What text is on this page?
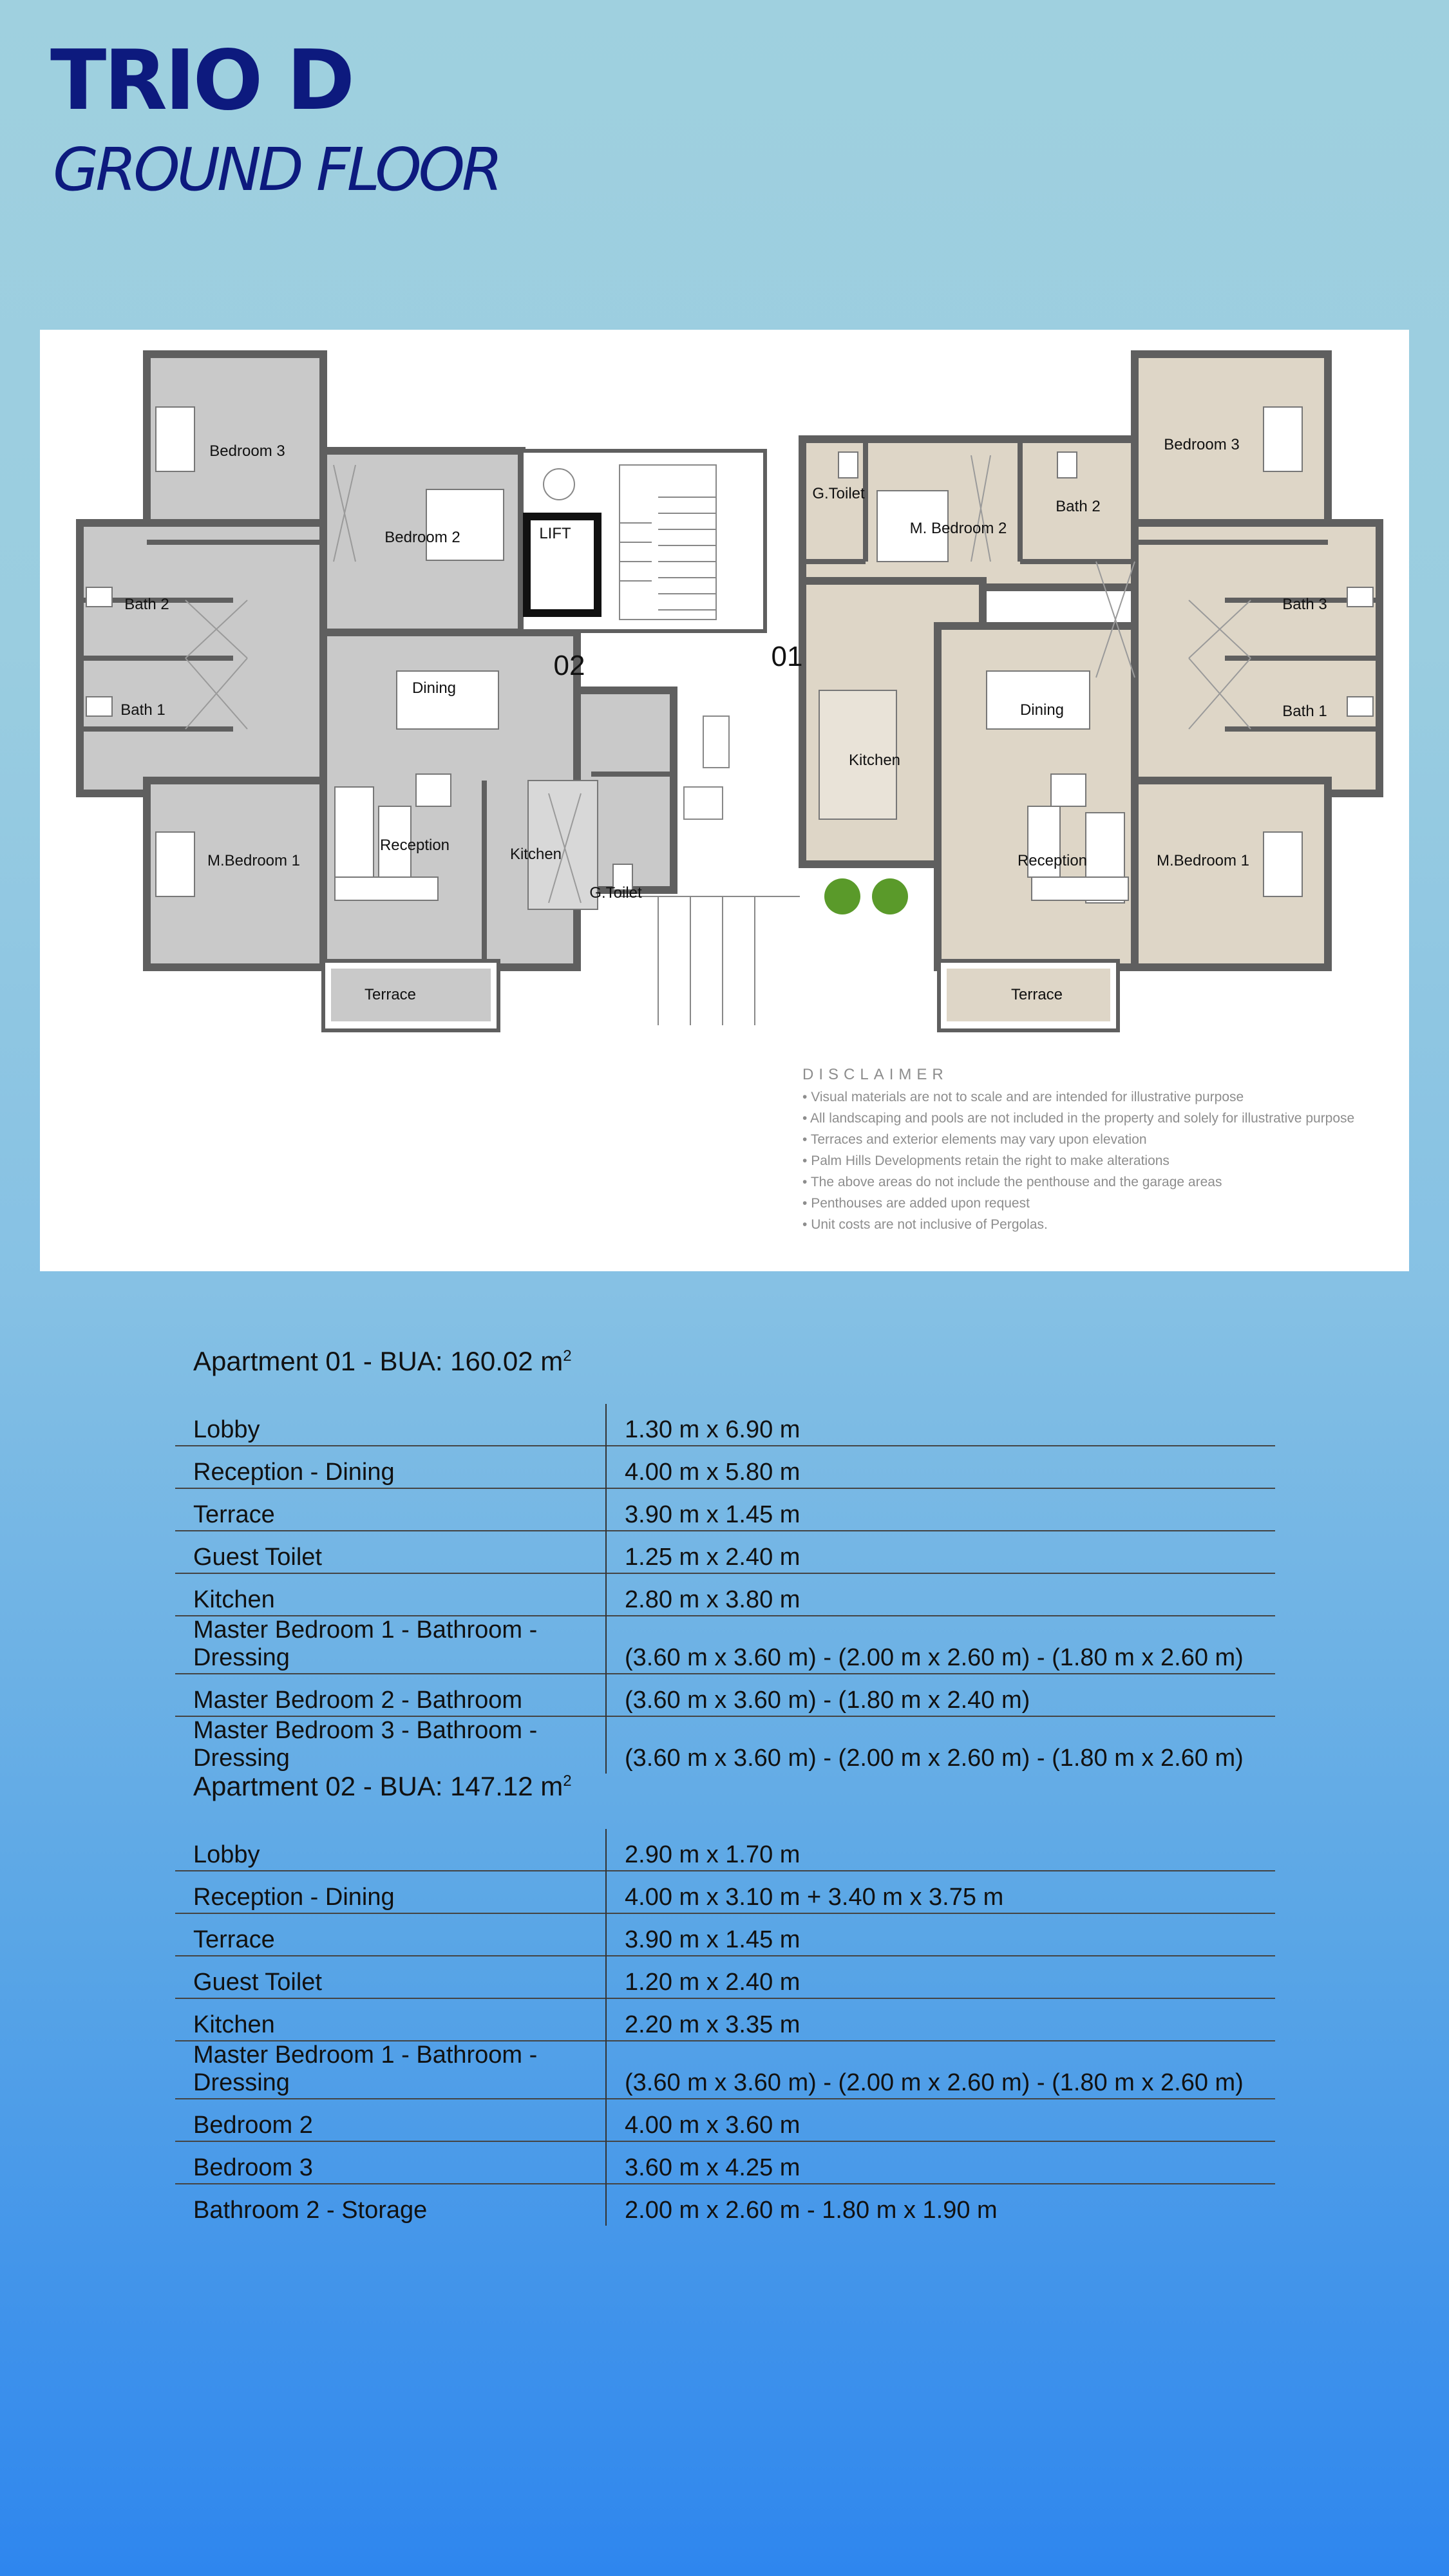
TRIO D
GROUND FLOOR
Bedroom 3
Bath 2
Bath 1
M.Bedroom 1
Bedroom 2
Dining
Reception
Kitchen
G.Toilet
Terrace
LIFT
G.Toilet
M. Bedroom 2
Bath 2
Bedroom 3
Bath 3
Bath 1
Dining
Kitchen
Reception	M.Bedroom 1
Terrace
02	01
DISCLAIMER
• Visual materials are not to scale and are intended for illustrative purpose
• All landscaping and pools are not included in the property and solely for illustrative purpose
• Terraces and exterior elements may vary upon elevation
• Palm Hills Developments retain the right to make alterations
• The above areas do not include the penthouse and the garage areas
• Penthouses are added upon request
• Unit costs are not inclusive of Pergolas.
Apartment 01 - BUA: 160.02 $m^2$
Lobby	1.30 m x 6.90 m
Reception - Dining	4.00 m x 5.80 m
Terrace	3.90 m x 1.45 m
Guest Toilet	1.25 m x 2.40 m
Kitchen	2.80 m x 3.80 m
Master Bedroom 1 - Bathroom - Dressing	(3.60 m x 3.60 m) - (2.00 m x 2.60 m) - (1.80 m x 2.60 m)
Master Bedroom 2 - Bathroom	(3.60 m x 3.60 m) - (1.80 m x 2.40 m)
Master Bedroom 3 - Bathroom - Dressing	(3.60 m x 3.60 m) - (2.00 m x 2.60 m) - (1.80 m x 2.60 m)
Apartment 02 - BUA: 147.12 $m^2$
Lobby	2.90 m x 1.70 m
Reception - Dining	4.00 m x 3.10 m + 3.40 m x 3.75 m
Terrace	3.90 m x 1.45 m
Guest Toilet	1.20 m x 2.40 m
Kitchen	2.20 m x 3.35 m
Master Bedroom 1 - Bathroom - Dressing	(3.60 m x 3.60 m) - (2.00 m x 2.60 m) - (1.80 m x 2.60 m)
Bedroom 2	4.00 m x 3.60 m
Bedroom 3	3.60 m x 4.25 m
Bathroom 2 - Storage	2.00 m x 2.60 m - 1.80 m x 1.90 m
